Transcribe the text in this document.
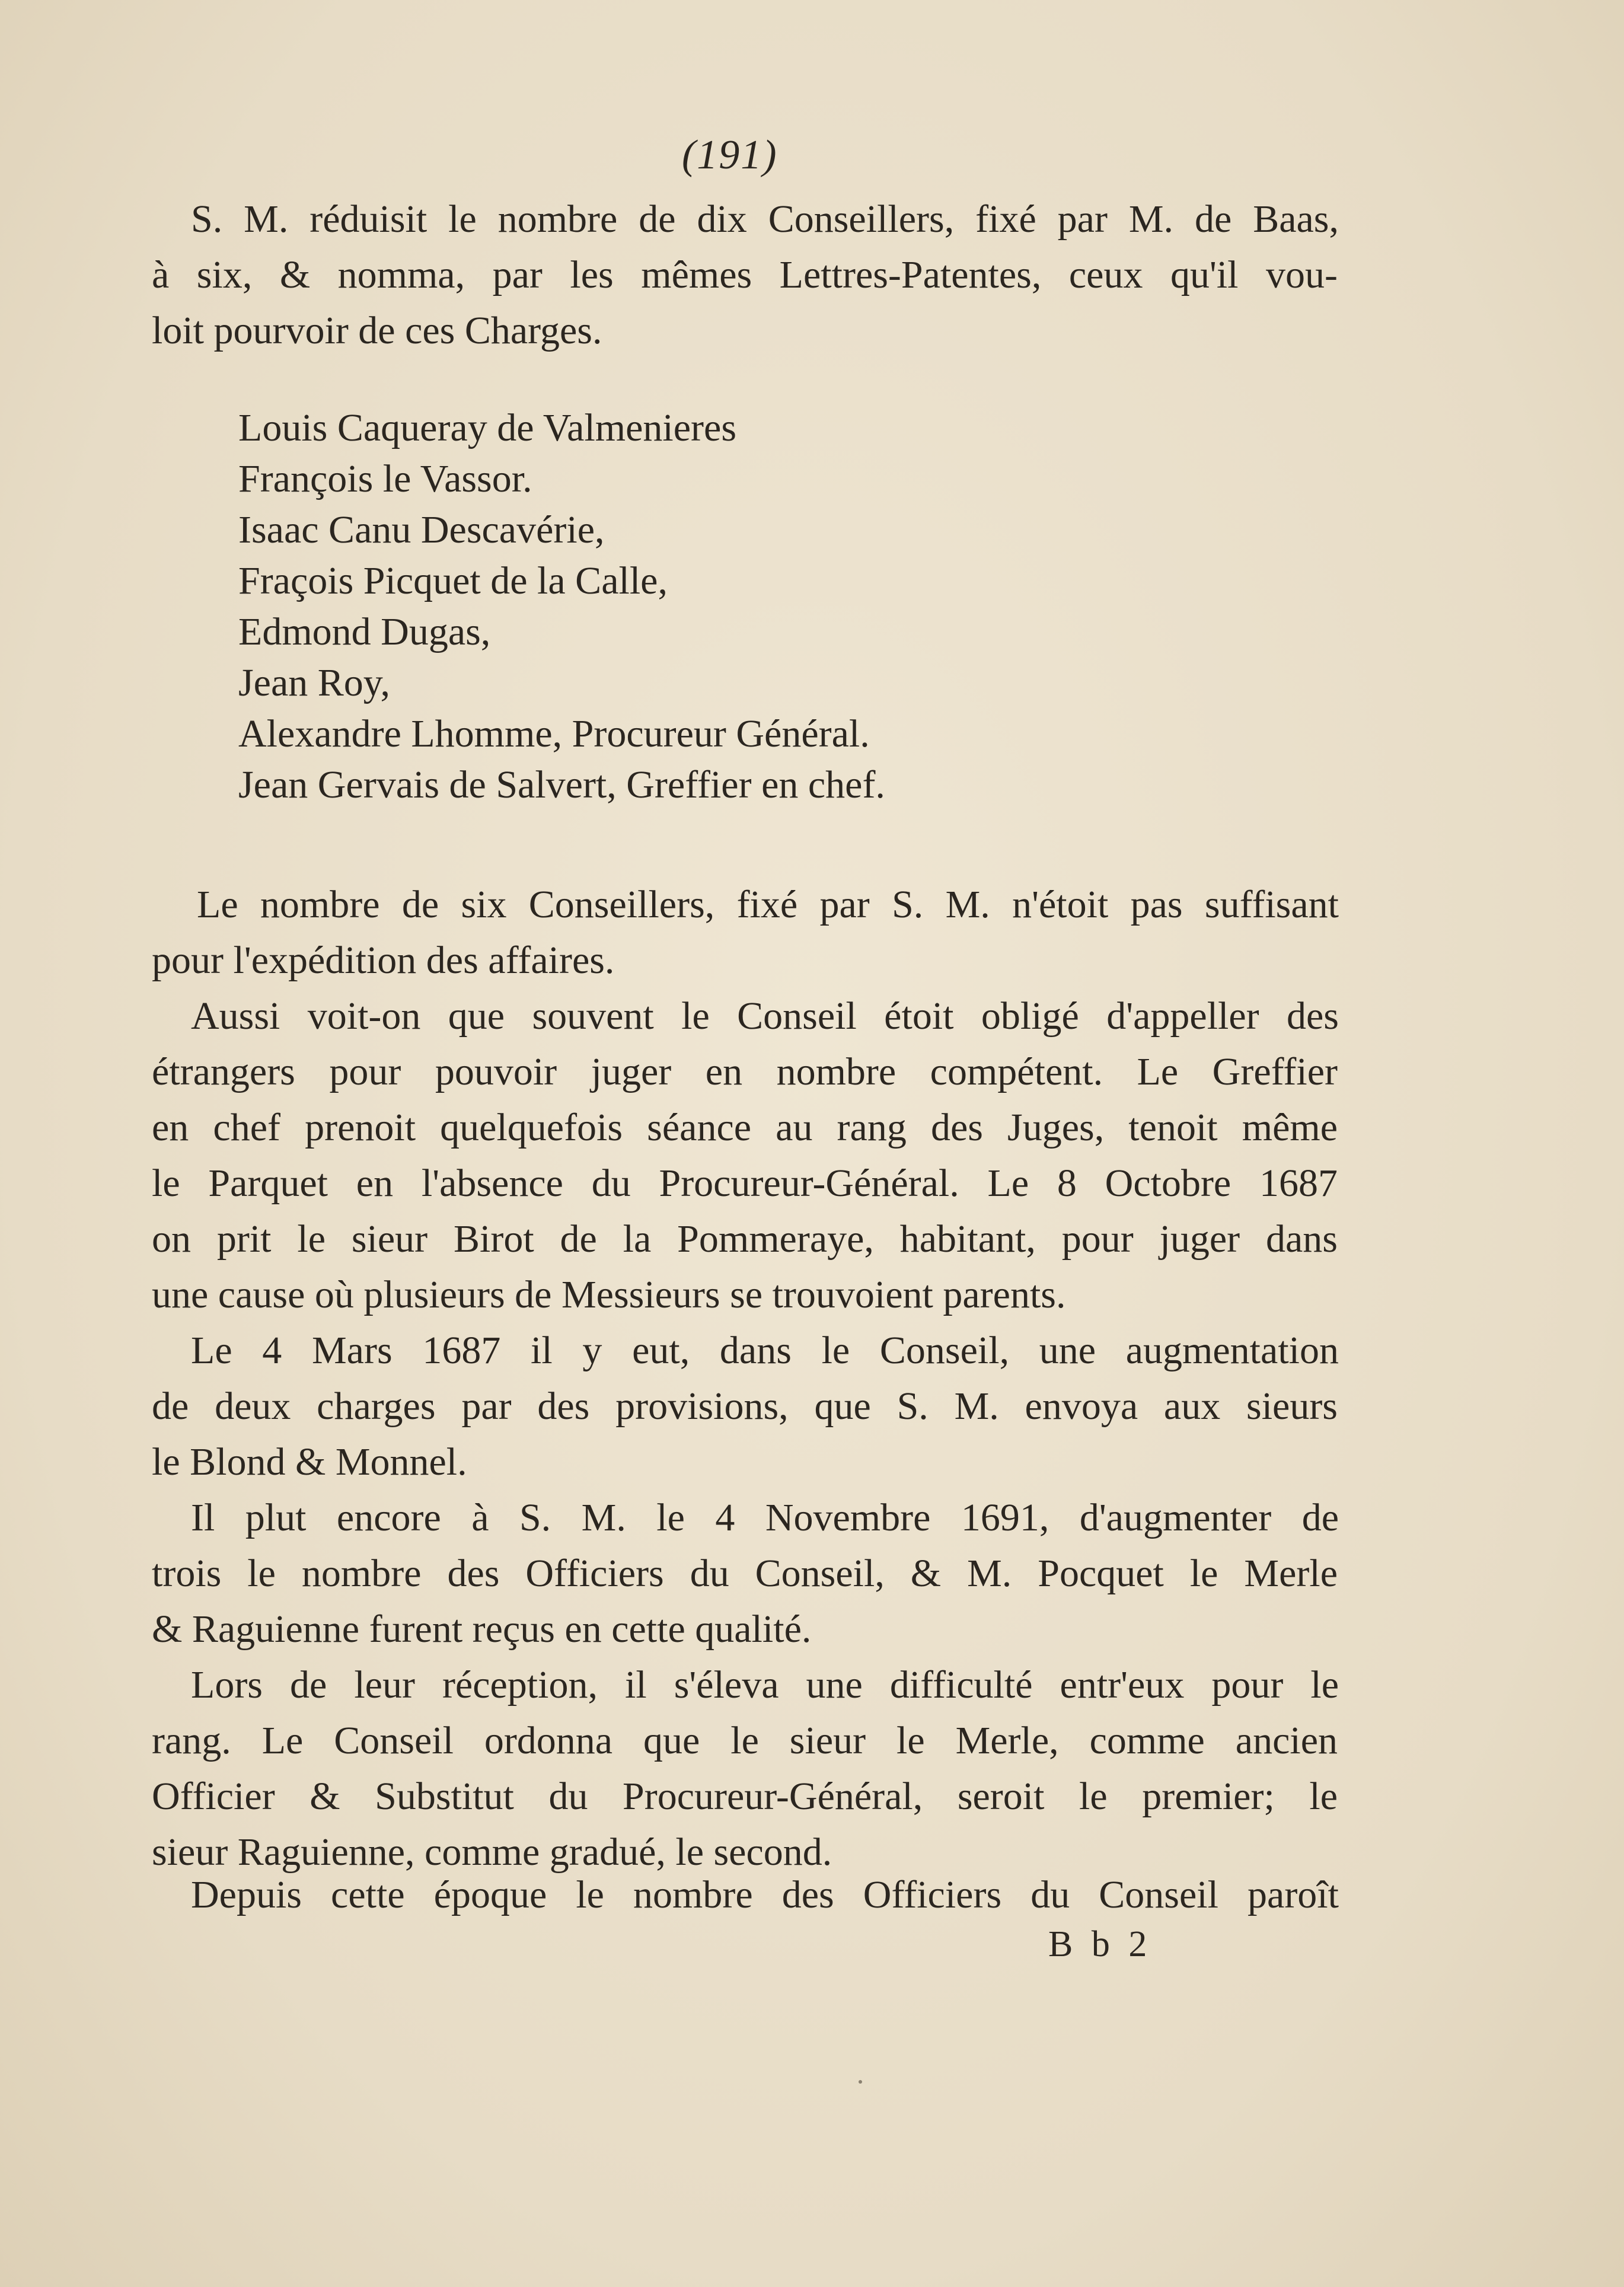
(191)
S. M. réduisit le nombre de dix Conseillers, fixé par M. de Baas,
à six, & nomma, par les mêmes Lettres-Patentes, ceux qu'il vou-
loit pourvoir de ces Charges.
Louis Caqueray de Valmenieres
François le Vassor.
Isaac Canu Descavérie,
Fraçois Picquet de la Calle,
Edmond Dugas,
Jean Roy,
Alexandre Lhomme, Procureur Général.
Jean Gervais de Salvert, Greffier en chef.
Le nombre de six Conseillers, fixé par S. M. n'étoit pas suffisant
pour l'expédition des affaires.
Aussi voit-on que souvent le Conseil étoit obligé d'appeller des
étrangers pour pouvoir juger en nombre compétent. Le Greffier
en chef prenoit quelquefois séance au rang des Juges, tenoit même
le Parquet en l'absence du Procureur-Général. Le 8 Octobre 1687
on prit le sieur Birot de la Pommeraye, habitant, pour juger dans
une cause où plusieurs de Messieurs se trouvoient parents.
Le 4 Mars 1687 il y eut, dans le Conseil, une augmentation
de deux charges par des provisions, que S. M. envoya aux sieurs
le Blond & Monnel.
Il plut encore à S. M. le 4 Novembre 1691, d'augmenter de
trois le nombre des Officiers du Conseil, & M. Pocquet le Merle
& Raguienne furent reçus en cette qualité.
Lors de leur réception, il s'éleva une difficulté entr'eux pour le
rang. Le Conseil ordonna que le sieur le Merle, comme ancien
Officier & Substitut du Procureur-Général, seroit le premier; le
sieur Raguienne, comme gradué, le second.
Depuis cette époque le nombre des Officiers du Conseil paroît
B b 2
